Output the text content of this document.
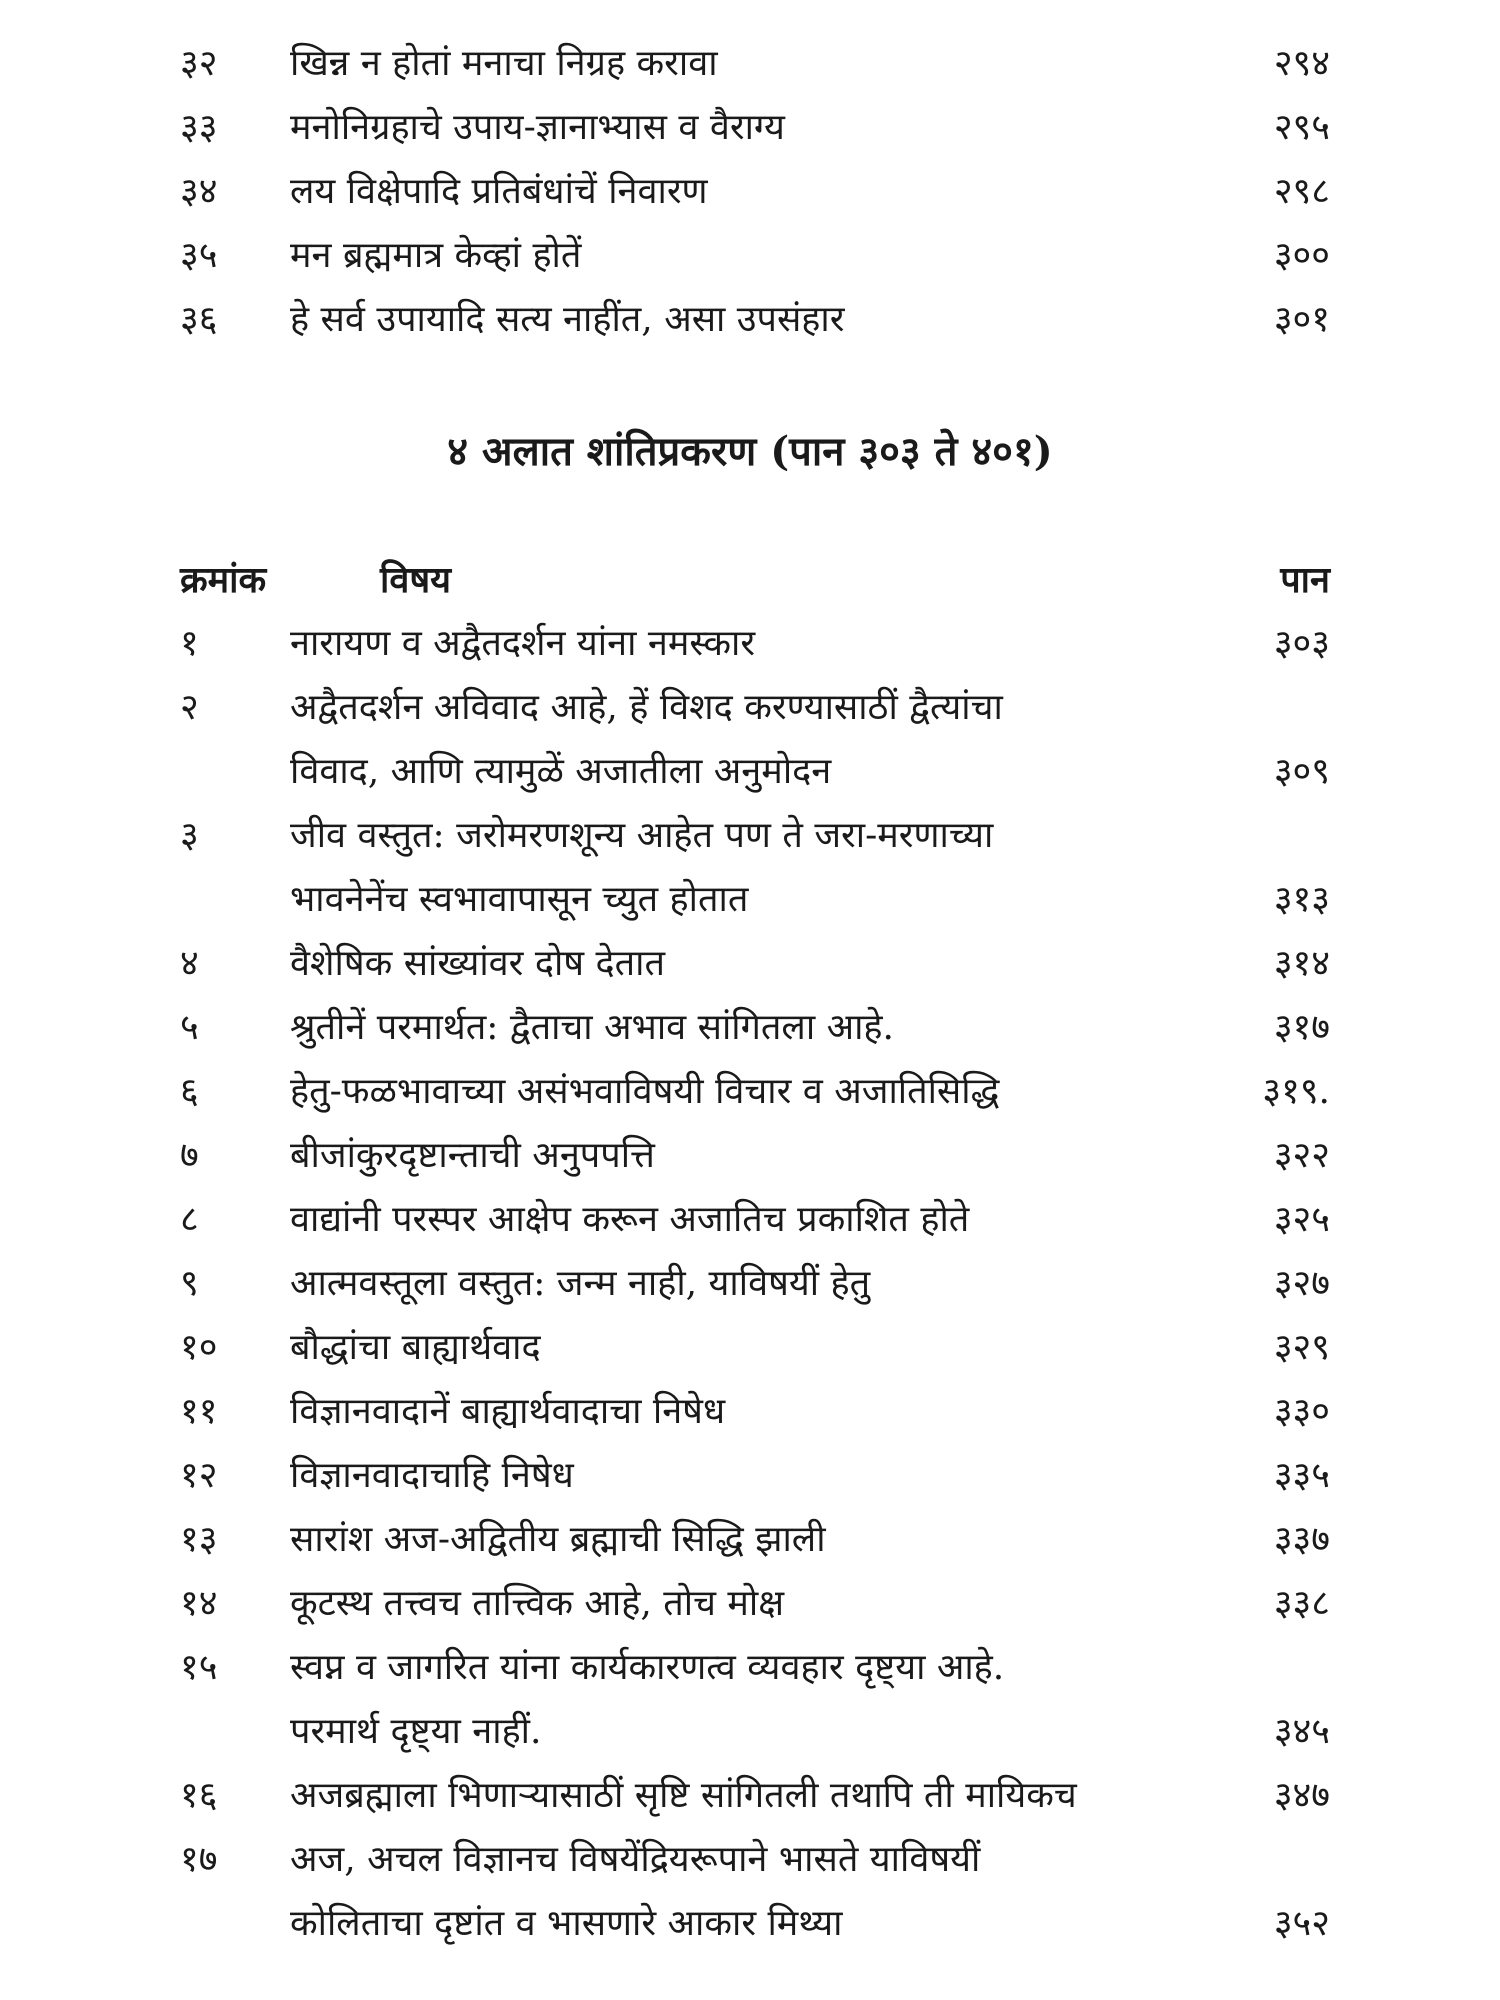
३२ खिन्न न होतां मनाचा निग्रह करावा	२९४
३३ मनोनिग्रहाचे उपाय-ज्ञानाभ्यास व वैराग्य	२९५
३४ लय विक्षेपादि प्रतिबंधांचें निवारण	२९८
३५ मन ब्रह्ममात्र केव्हां होतें	३००
३६ हे सर्व उपायादि सत्य नाहींत, असा उपसंहार	३०१
४ अलात शांतिप्रकरण (पान ३०३ ते ४०१)
क्रमांक	विषय	पान
१	नारायण व अद्वैतदर्शन यांना नमस्कार	३०३
२	अद्वैतदर्शन अविवाद आहे, हें विशद करण्यासाठीं द्वैत्यांचा
विवाद, आणि त्यामुळें अजातीला अनुमोदन	३०९
३	जीव वस्तुत: जरोमरणशून्य आहेत पण ते जरा-मरणाच्या
भावनेनेंच स्वभावापासून च्युत होतात	३१३
४	वैशेषिक सांख्यांवर दोष देतात	३१४
५	श्रुतीनें परमार्थत: द्वैताचा अभाव सांगितला आहे.	३१७
६	हेतु-फळभावाच्या असंभवाविषयी विचार व अजातिसिद्धि	३१९.
७	बीजांकुरदृष्टान्ताची अनुपपत्ति	३२२
८	वाद्यांनी परस्पर आक्षेप करून अजातिच प्रकाशित होते	३२५
९	आत्मवस्तूला वस्तुत: जन्म नाही, याविषयीं हेतु	३२७
१० बौद्धांचा बाह्यार्थवाद	३२९
११ विज्ञानवादानें बाह्यार्थवादाचा निषेध	३३०
१२ विज्ञानवादाचाहि निषेध	३३५
१३ सारांश अज-अद्वितीय ब्रह्माची सिद्धि झाली	३३७
१४ कूटस्थ तत्त्वच तात्त्विक आहे, तोच मोक्ष	३३८
१५ स्वप्न व जागरित यांना कार्यकारणत्व व्यवहार दृष्ट्या आहे.
परमार्थ दृष्ट्या नाहीं.	३४५
१६ अजब्रह्माला भिणाऱ्यासाठीं सृष्टि सांगितली तथापि ती मायिकच	३४७
१७ अज, अचल विज्ञानच विषयेंद्रियरूपाने भासते याविषयीं
कोलिताचा दृष्टांत व भासणारे आकार मिथ्या	३५२
